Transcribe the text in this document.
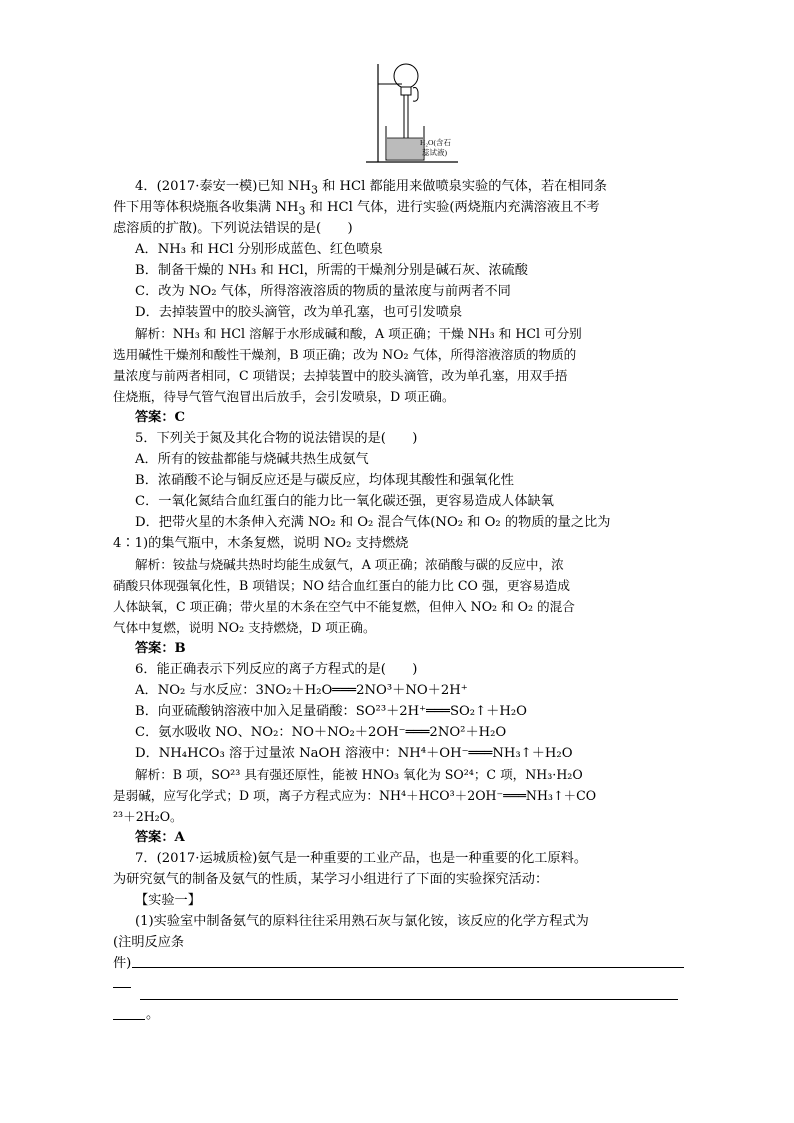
H₂O(含石
蕊试液)
4．(2017·泰安一模)已知 $NH_3$ 和 HCl 都能用来做喷泉实验的气体，若在相同条
件下用等体积烧瓶各收集满 $NH_3$ 和 HCl 气体，进行实验(两烧瓶内充满溶液且不考
虑溶质的扩散)。下列说法错误的是(　　)
A．NH₃ 和 HCl 分别形成蓝色、红色喷泉
B．制备干燥的 NH₃ 和 HCl，所需的干燥剂分别是碱石灰、浓硫酸
C．改为 NO₂ 气体，所得溶液溶质的物质的量浓度与前两者不同
D．去掉装置中的胶头滴管，改为单孔塞，也可引发喷泉
解析：NH₃ 和 HCl 溶解于水形成碱和酸，A 项正确；干燥 NH₃ 和 HCl 可分别
选用碱性干燥剂和酸性干燥剂，B 项正确；改为 NO₂ 气体，所得溶液溶质的物质的
量浓度与前两者相同，C 项错误；去掉装置中的胶头滴管，改为单孔塞，用双手捂
住烧瓶，待导气管气泡冒出后放手，会引发喷泉，D 项正确。
答案：C
5．下列关于氮及其化合物的说法错误的是(　　)
A．所有的铵盐都能与烧碱共热生成氨气
B．浓硝酸不论与铜反应还是与碳反应，均体现其酸性和强氧化性
C．一氧化氮结合血红蛋白的能力比一氧化碳还强，更容易造成人体缺氧
D．把带火星的木条伸入充满 NO₂ 和 O₂ 混合气体(NO₂ 和 O₂ 的物质的量之比为
4∶1)的集气瓶中，木条复燃，说明 NO₂ 支持燃烧
解析：铵盐与烧碱共热时均能生成氨气，A 项正确；浓硝酸与碳的反应中，浓
硝酸只体现强氧化性，B 项错误；NO 结合血红蛋白的能力比 CO 强，更容易造成
人体缺氧，C 项正确；带火星的木条在空气中不能复燃，但伸入 NO₂ 和 O₂ 的混合
气体中复燃，说明 NO₂ 支持燃烧，D 项正确。
答案：B
6．能正确表示下列反应的离子方程式的是(　　)
A．NO₂ 与水反应：3NO₂＋H₂O═══2NO³＋NO＋2H⁺
B．向亚硫酸钠溶液中加入足量硝酸：SO²³＋2H⁺═══SO₂↑＋H₂O
C．氨水吸收 NO、NO₂：NO＋NO₂＋2OH⁻═══2NO²＋H₂O
D．NH₄HCO₃ 溶于过量浓 NaOH 溶液中：NH⁴＋OH⁻═══NH₃↑＋H₂O
解析：B 项，SO²³ 具有强还原性，能被 HNO₃ 氧化为 SO²⁴；C 项，NH₃·H₂O
是弱碱，应写化学式；D 项，离子方程式应为：NH⁴＋HCO³＋2OH⁻═══NH₃↑＋CO
²³＋2H₂O。
答案：A
7．(2017·运城质检)氨气是一种重要的工业产品，也是一种重要的化工原料。
为研究氨气的制备及氨气的性质，某学习小组进行了下面的实验探究活动：
【实验一】
(1)实验室中制备氨气的原料往往采用熟石灰与氯化铵，该反应的化学方程式为
(注明反应条
件)
。
